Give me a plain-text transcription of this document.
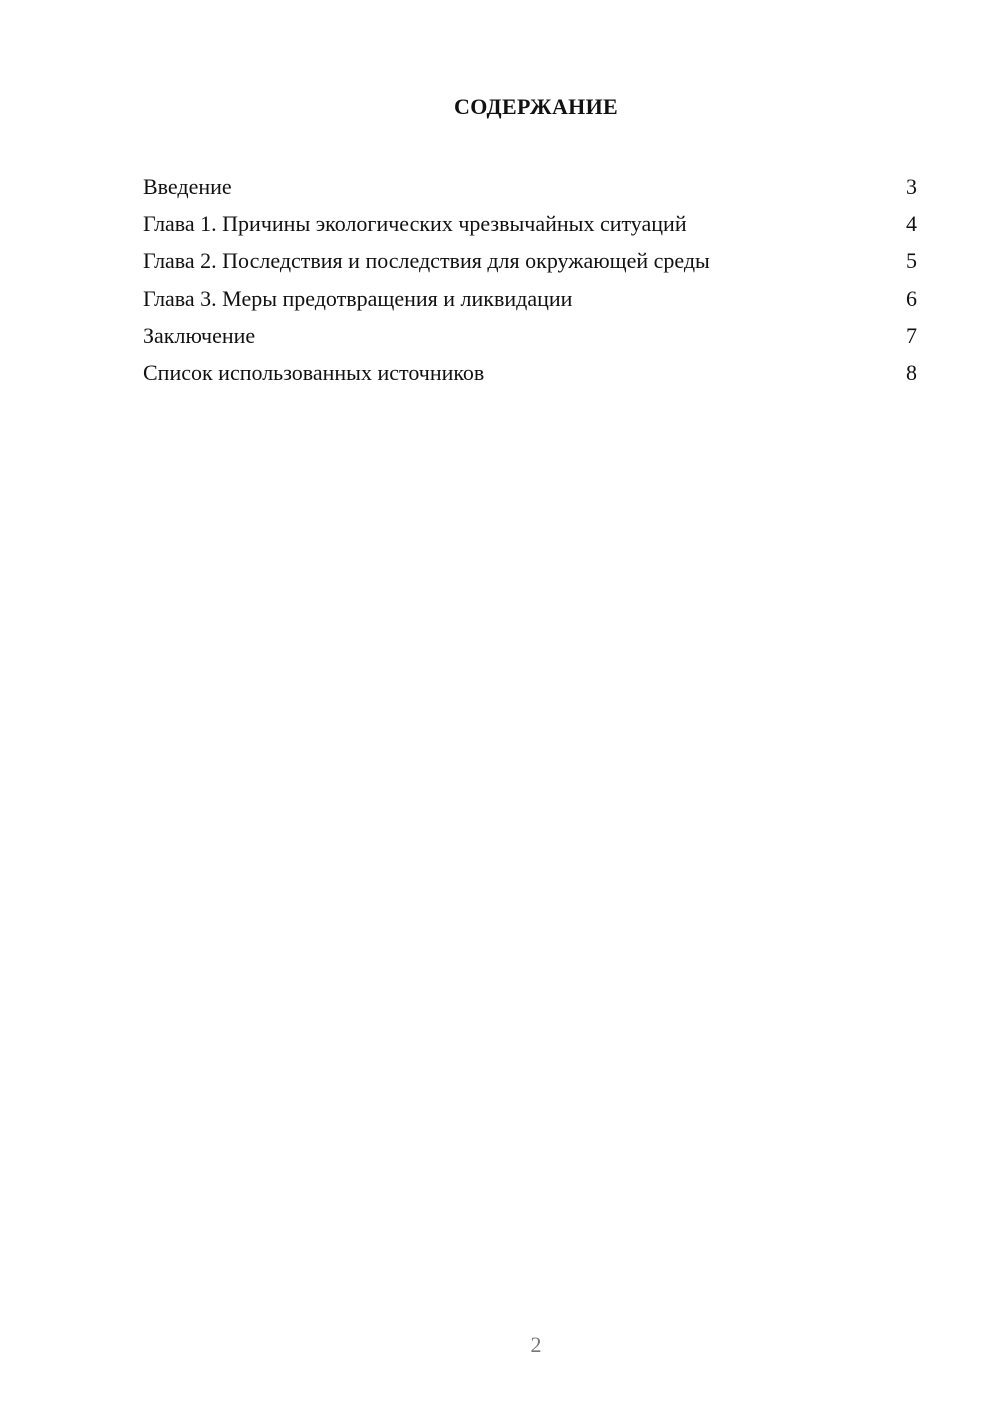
СОДЕРЖАНИЕ
Введение	3
Глава 1. Причины экологических чрезвычайных ситуаций	4
Глава 2. Последствия и последствия для окружающей среды	5
Глава 3. Меры предотвращения и ликвидации	6
Заключение	7
Список использованных источников	8
2
